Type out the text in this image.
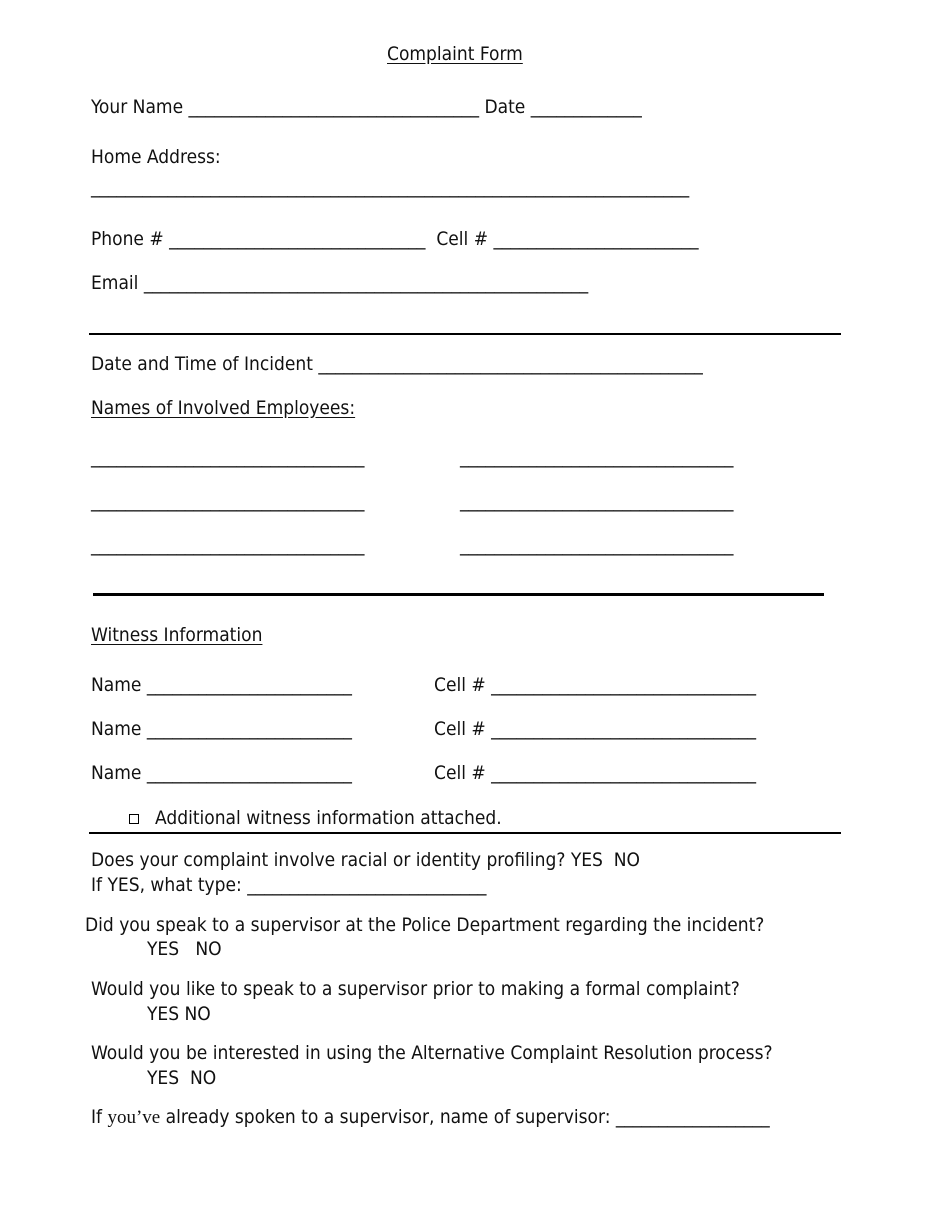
Complaint Form
Your Name __________________________________ Date _____________
Home Address:
______________________________________________________________________
Phone # ______________________________  Cell # ________________________
Email ____________________________________________________
Date and Time of Incident _____________________________________________
Names of Involved Employees:
________________________________	________________________________
________________________________	________________________________
________________________________	________________________________
Witness Information
Name ________________________	Cell # _______________________________
Name ________________________	Cell # _______________________________
Name ________________________	Cell # _______________________________
Additional witness information attached.
Does your complaint involve racial or identity profiling? YES  NO
If YES, what type: ____________________________
Did you speak to a supervisor at the Police Department regarding the incident?
YES   NO
Would you like to speak to a supervisor prior to making a formal complaint?
YES NO
Would you be interested in using the Alternative Complaint Resolution process?
YES  NO
If you’ve already spoken to a supervisor, name of supervisor: __________________
